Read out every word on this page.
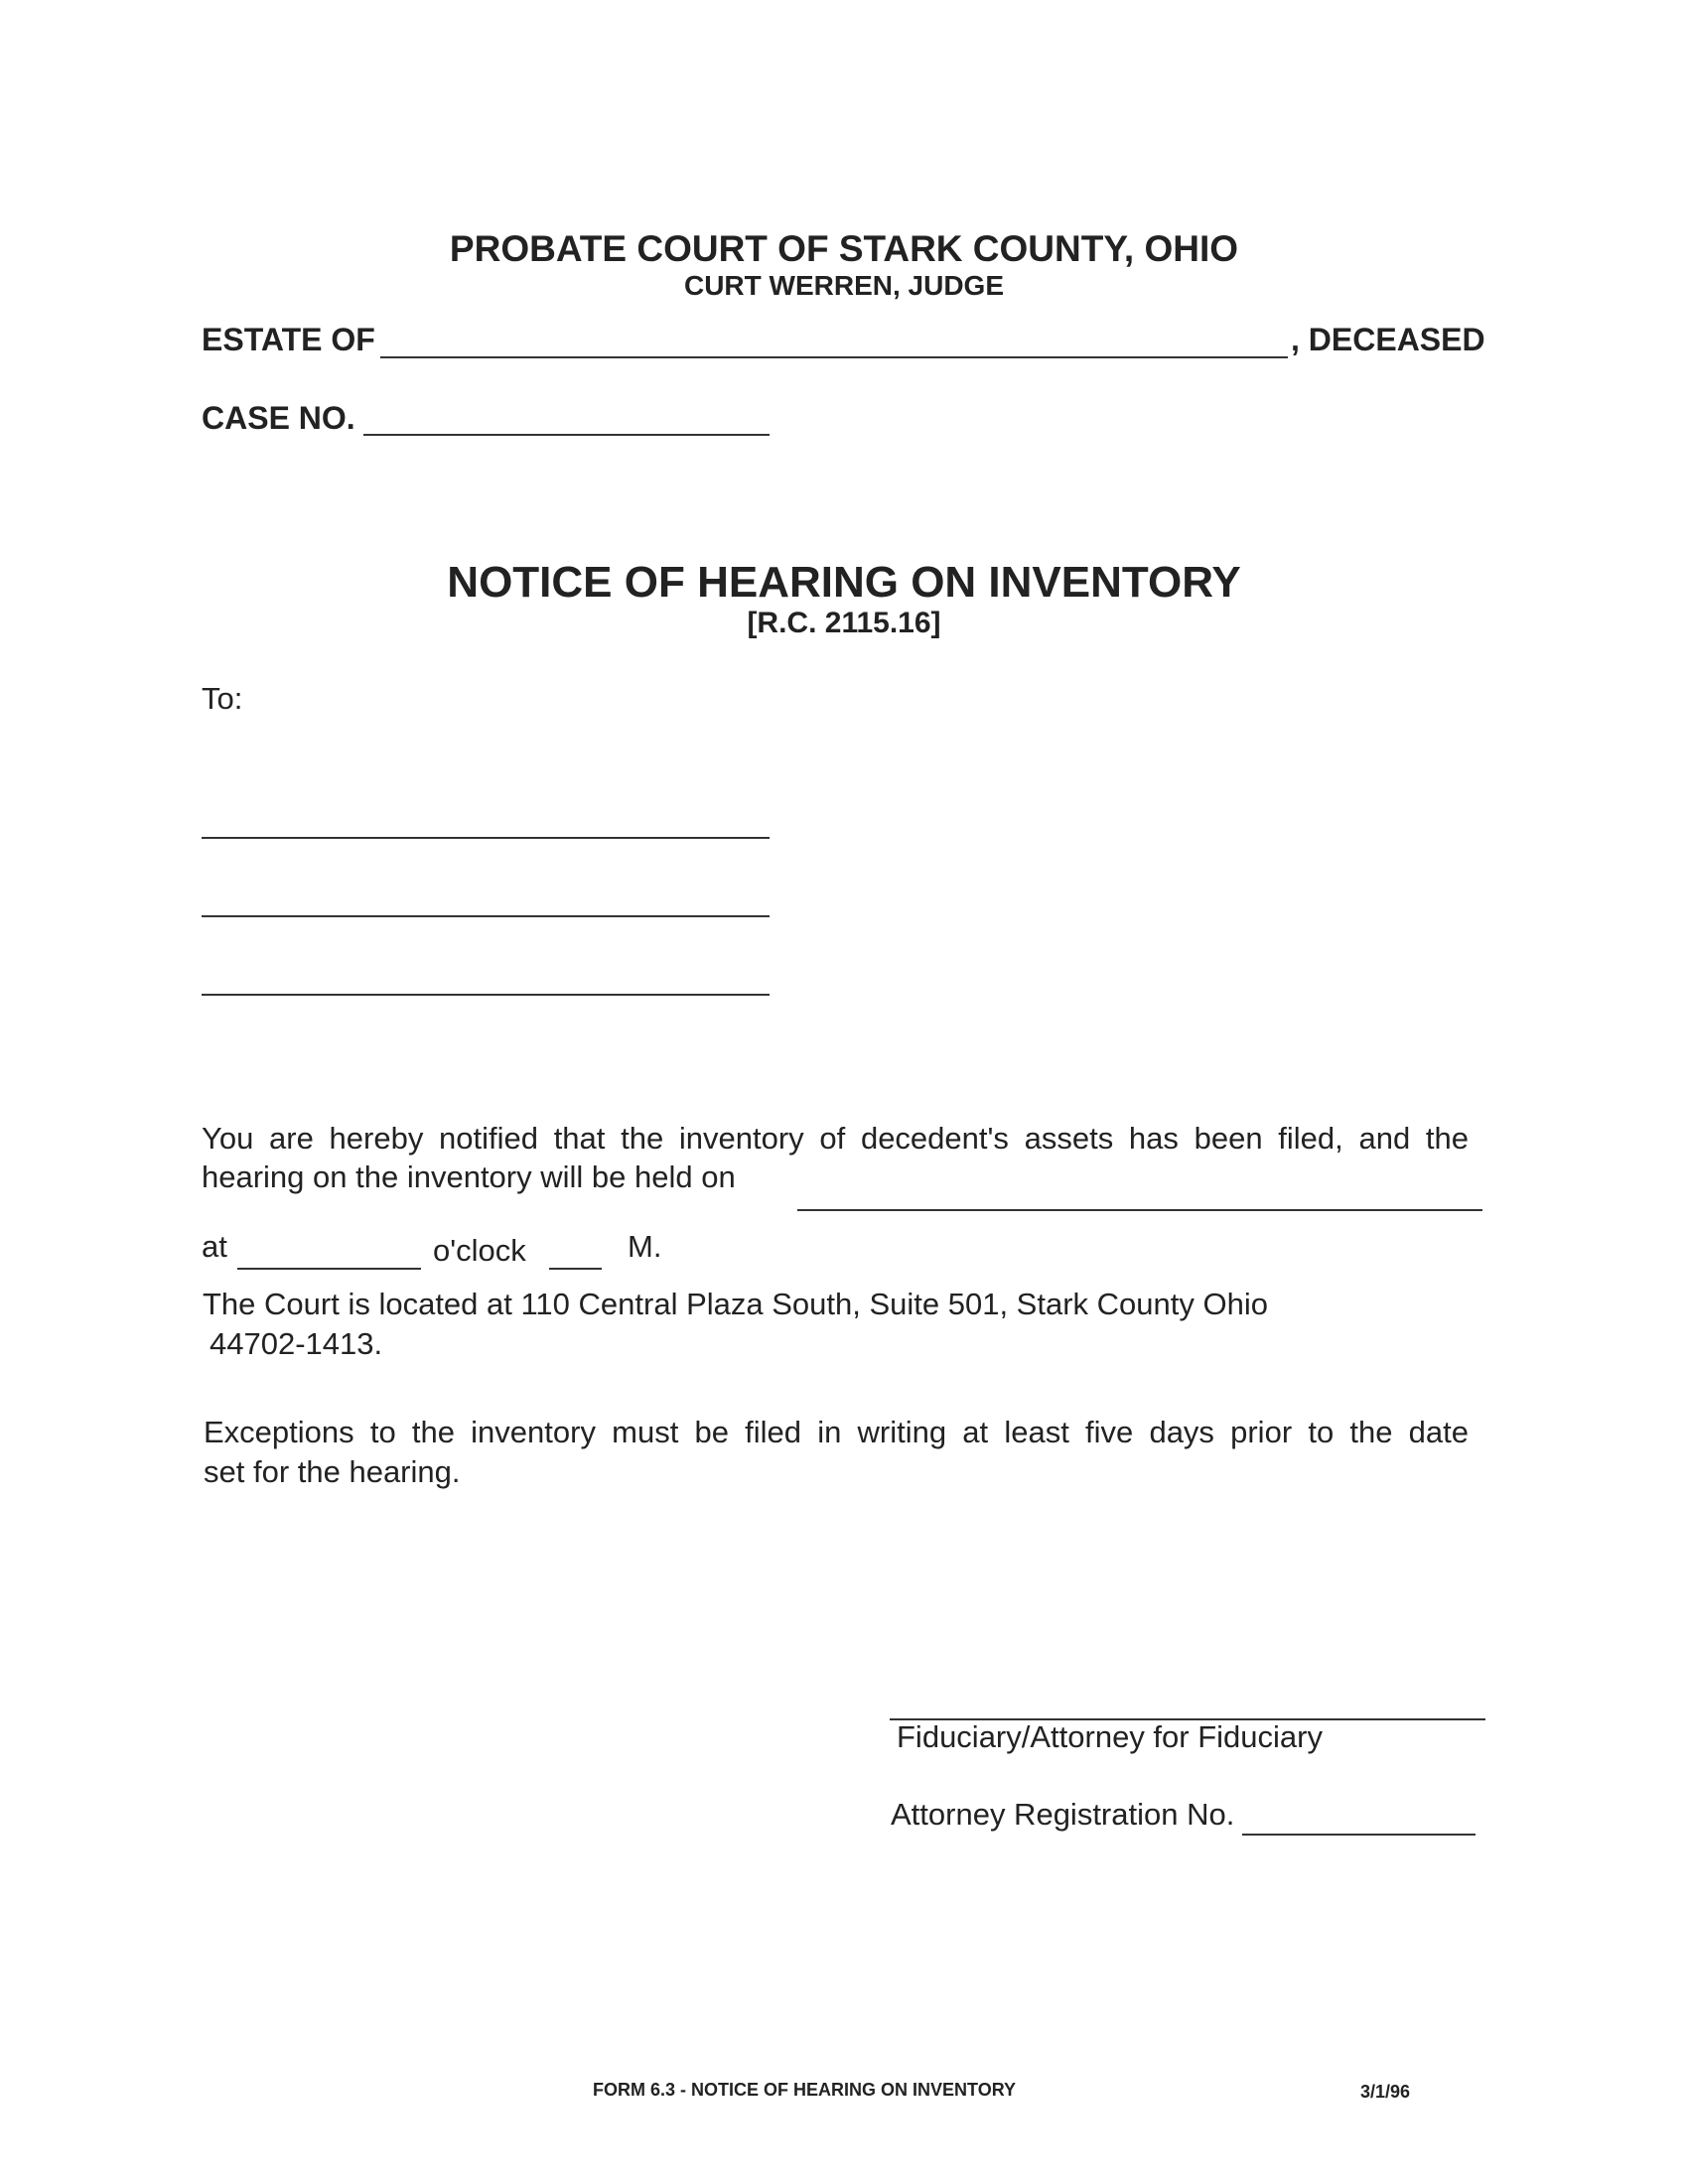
PROBATE COURT OF STARK COUNTY, OHIO
CURT WERREN, JUDGE
ESTATE OF	, DECEASED
CASE NO.
NOTICE OF HEARING ON INVENTORY
[R.C. 2115.16]
To:
You are hereby notified that the inventory of decedent's assets has been filed, and the
hearing on the inventory will be held on
at	o'clock	M.
The Court is located at 110 Central Plaza South, Suite 501, Stark County Ohio
44702-1413.
Exceptions to the inventory must be filed in writing at least five days prior to the date
set for the hearing.
Fiduciary/Attorney for Fiduciary
Attorney Registration No.
FORM 6.3 - NOTICE OF HEARING ON INVENTORY	3/1/96
